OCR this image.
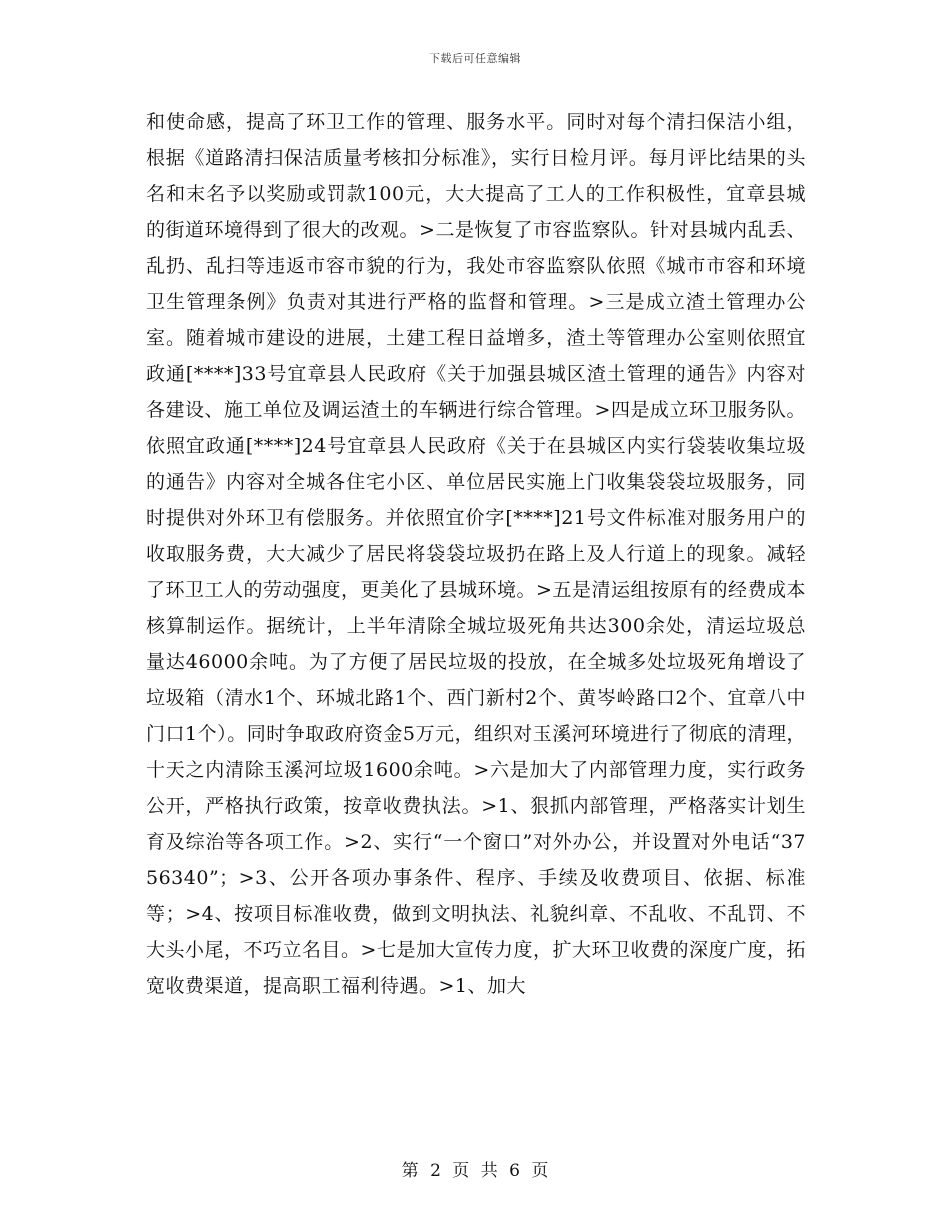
下载后可任意编辑

和使命感，提高了环卫工作的管理、服务水平。同时对每个清扫保洁小组，根据《道路清扫保洁质量考核扣分标准》，实行日检月评。每月评比结果的头名和末名予以奖励或罚款100元，大大提高了工人的工作积极性，宜章县城的街道环境得到了很大的改观。>二是恢复了市容监察队。针对县城内乱丢、乱扔、乱扫等违返市容市貌的行为，我处市容监察队依照《城市市容和环境卫生管理条例》负责对其进行严格的监督和管理。>三是成立渣土管理办公室。随着城市建设的进展，土建工程日益增多，渣土等管理办公室则依照宜政通[****]33号宜章县人民政府《关于加强县城区渣土管理的通告》内容对各建设、施工单位及调运渣土的车辆进行综合管理。>四是成立环卫服务队。依照宜政通[****]24号宜章县人民政府《关于在县城区内实行袋装收集垃圾的通告》内容对全城各住宅小区、单位居民实施上门收集袋袋垃圾服务，同时提供对外环卫有偿服务。并依照宜价字[****]21号文件标准对服务用户的收取服务费，大大减少了居民将袋袋垃圾扔在路上及人行道上的现象。减轻了环卫工人的劳动强度，更美化了县城环境。>五是清运组按原有的经费成本核算制运作。据统计，上半年清除全城垃圾死角共达300余处，清运垃圾总量达46000余吨。为了方便了居民垃圾的投放，在全城多处垃圾死角增设了垃圾箱（清水1个、环城北路1个、西门新村2个、黄岑岭路口2个、宜章八中门口1个）。同时争取政府资金5万元，组织对玉溪河环境进行了彻底的清理，十天之内清除玉溪河垃圾1600余吨。>六是加大了内部管理力度，实行政务公开，严格执行政策，按章收费执法。>1、狠抓内部管理，严格落实计划生育及综治等各项工作。>2、实行“一个窗口”对外办公，并设置对外电话“3756340”；>3、公开各项办事条件、程序、手续及收费项目、依据、标准等；>4、按项目标准收费，做到文明执法、礼貌纠章、不乱收、不乱罚、不大头小尾，不巧立名目。>七是加大宣传力度，扩大环卫收费的深度广度，拓宽收费渠道，提高职工福利待遇。>1、加大

第 2 页 共 6 页
